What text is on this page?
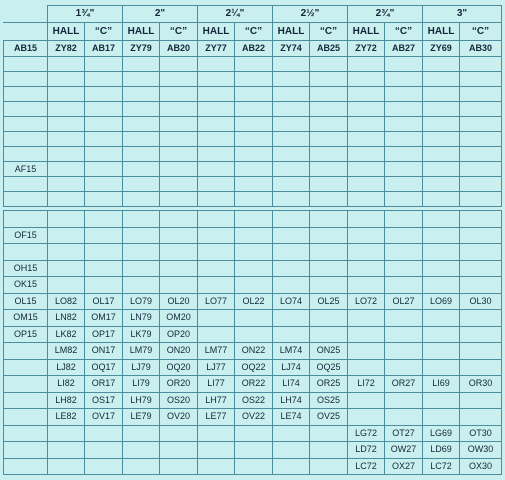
	1¾"		2"		2¼"		2½"		2¾"		3"	
	HALL	“C”	HALL	“C”	HALL	“C”	HALL	“C”	HALL	“C”	HALL	“C”
AB15	ZY82	AB17	ZY79	AB20	ZY77	AB22	ZY74	AB25	ZY72	AB27	ZY69	AB30

AF15												

OF15												

OH15												
OK15												
OL15	LO82	OL17	LO79	OL20	LO77	OL22	LO74	OL25	LO72	OL27	LO69	OL30
OM15	LN82	OM17	LN79	OM20								
OP15	LK82	OP17	LK79	OP20								
	LM82	ON17	LM79	ON20	LM77	ON22	LM74	ON25				
	LJ82	OQ17	LJ79	OQ20	LJ77	OQ22	LJ74	OQ25				
	LI82	OR17	LI79	OR20	LI77	OR22	LI74	OR25	LI72	OR27	LI69	OR30
	LH82	OS17	LH79	OS20	LH77	OS22	LH74	OS25				
	LE82	OV17	LE79	OV20	LE77	OV22	LE74	OV25				
									LG72	OT27	LG69	OT30
									LD72	OW27	LD69	OW30
									LC72	OX27	LC72	OX30
